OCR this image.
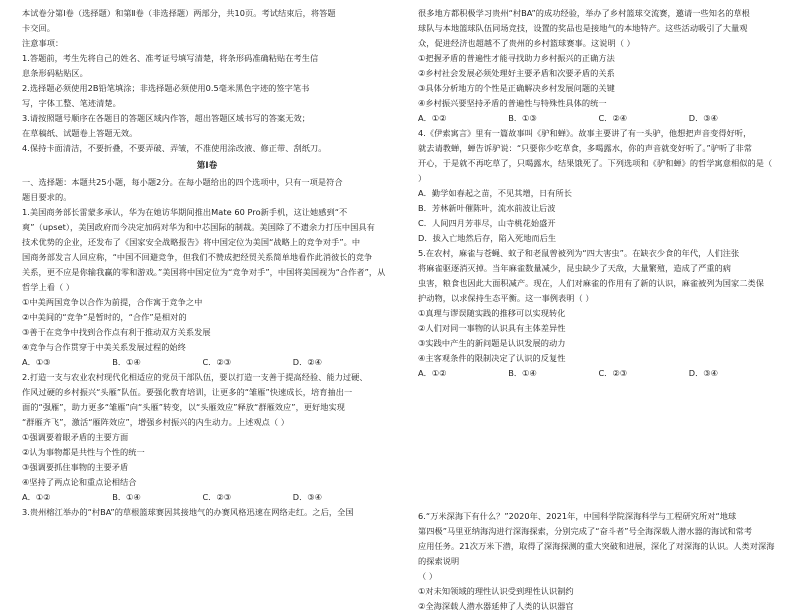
本试卷分第Ⅰ卷（选择题）和第Ⅱ卷（非选择题）两部分，共10页。考试结束后，将答题

卡交回。

注意事项：

1.答题前，考生先将自己的姓名、准考证号填写清楚，将条形码准确粘贴在考生信

息条形码粘贴区。

2.选择题必须使用2B铅笔填涂；非选择题必须使用0.5毫米黑色字迹的签字笔书

写，字体工整、笔迹清楚。

3.请按照题号顺序在各题目的答题区域内作答，超出答题区域书写的答案无效；

在草稿纸、试题卷上答题无效。

4.保持卡面清洁，不要折叠，不要弄破、弄皱，不准使用涂改液、修正带、刮纸刀。

第Ⅰ卷

一、选择题：本题共25小题，每小题2分。在每小题给出的四个选项中，只有一项是符合

题目要求的。

1.美国商务部长雷蒙多承认，华为在她访华期间推出Mate 60 Pro新手机，这让她感到“不

爽”（upset），美国政府而今决定加码对华为和中芯国际的制裁。美国除了不遗余力打压中国具有

技术优势的企业，还发布了《国家安全战略报告》将中国定位为美国“战略上的竞争对手”。中

国商务部发言人回应称，“中国不回避竞争，但我们不赞成把经贸关系简单地看作此消彼长的竞争

关系，更不应是你输我赢的零和游戏。”美国将中国定位为“竞争对手”，中国将美国视为“合作者”，从

哲学上看（ ）

①中美两国竞争以合作为前提，合作寓于竞争之中

②中美间的“竞争”是暂时的，“合作”是相对的

③善于在竞争中找到合作点有利于推动双方关系发展

④竞争与合作贯穿于中美关系发展过程的始终

A．①③	B．①④	C．②③	D．②④

2.打造一支与农业农村现代化相适应的党员干部队伍，要以打造一支善于提高经验、能力过硬、

作风过硬的乡村振兴“头雁”队伍。要强化教育培训，让更多的“雏雁”快速成长，培育抽出一

面的“强雁”，助力更多“雏雁”向“头雁”转变，以“头雁效应”释放“群雁效应”，更好地实现

“群雁齐飞”，激活“雁阵效应”，增强乡村振兴的内生动力。上述观点（ ）

①强调要着眼矛盾的主要方面

②认为事物都是共性与个性的统一

③强调要抓住事物的主要矛盾

④坚持了两点论和重点论相结合

A．①②	B．①④	C．②③	D．③④

3.贵州榕江举办的“村BA”的草根篮球赛因其接地气的办赛风格迅速在网络走红。之后，全国

很多地方都积极学习贵州“村BA”的成功经验，举办了乡村篮球交流赛，邀请一些知名的草根

球队与本地篮球队伍同场竞技，设置的奖品也是接地气的本地特产。这些活动吸引了大量观

众，促进经济也超越不了贵州的乡村篮球赛事。这说明（ ）

①把握矛盾的普遍性才能寻找助力乡村振兴的正确方法

②乡村社会发展必须处理好主要矛盾和次要矛盾的关系

③具体分析地方的个性是正确解决乡村发展问题的关键

④乡村振兴要坚持矛盾的普遍性与特殊性具体的统一

A．①②	B．①③	C．②④	D．③④

4.《伊索寓言》里有一篇故事叫《驴和蝉》。故事主要讲了有一头驴，他想把声音变得好听，

就去请教蝉，蝉告诉驴说：“只要你少吃草食，多喝露水，你的声音就变好听了。”驴听了非常

开心，于是就不再吃草了，只喝露水，结果饿死了。下列选项和《驴和蝉》的哲学寓意相似的是（ ）

A．勤学如春起之苗，不见其增，日有所长

B．芳林新叶催陈叶，流水前波让后波

C．人间四月芳菲尽，山寺桃花始盛开

D．拔入亡地然后存，陷入死地而后生

5.在农村，麻雀与苍蝇、蚊子和老鼠曾被列为“四大害虫”。在缺衣少食的年代，人们注张

将麻雀驱逐消灭掉。当年麻雀数量减少，昆虫缺少了天敌，大量繁殖，造成了严重的病

虫害，粮食也因此大面积减产。现在，人们对麻雀的作用有了新的认识，麻雀被列为国家二类保

护动物，以求保持生态平衡。这一事例表明（ ）

①真理与谬误随实践的推移可以实现转化

②人们对同一事物的认识具有主体差异性

③实践中产生的新问题是认识发展的动力

④主客观条件的限制决定了认识的反复性

A．①②	B．①④	C．②③	D．③④

6.“万米深海下有什么？”2020年、2021年，中国科学院深海科学与工程研究所对“地球

第四极”马里亚纳海沟进行深海探索，分别完成了“奋斗者”号全海深载人潜水器的海试和常考

应用任务。21次万米下潜，取得了深海探测的重大突破和进展，深化了对深海的认识。人类对深海的探索说明

（ ）

①对未知领域的理性认识受到理性认识制约

②全海深载人潜水器延伸了人类的认识器官
